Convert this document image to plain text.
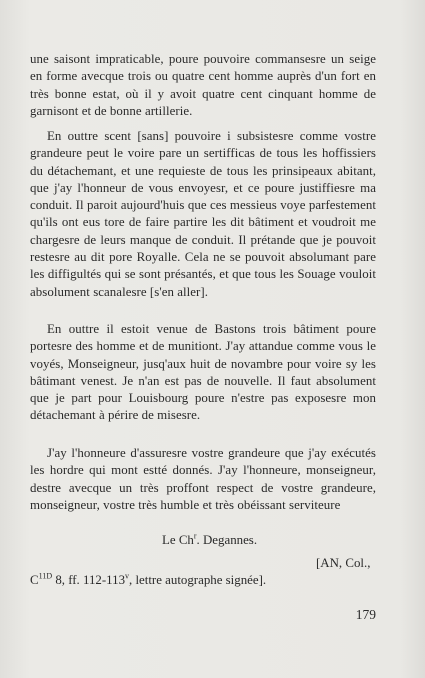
une saisont impraticable, poure pouvoire commansesre un seige en forme avecque trois ou quatre cent homme auprès d'un fort en très bonne estat, où il y avoit quatre cent cinquant homme de garnisont et de bonne artillerie.

En outtre scent [sans] pouvoire i subsistesre comme vostre grandeure peut le voire pare un sertifficas de tous les hoffissiers du détachemant, et une requieste de tous les prinsipeaux abitant, que j'ay l'honneur de vous envoyesr, et ce poure justiffiesre ma conduit. Il paroit aujourd'huis que ces messieus voye parfestement qu'ils ont eus tore de faire partire les dit bâtiment et voudroit me chargesre de leurs manque de conduit. Il prétande que je pouvoit restesre au dit pore Royalle. Cela ne se pouvoit absolumant pare les diffigultés qui se sont présantés, et que tous les Souage vouloit absolument scanalesre [s'en aller].

En outtre il estoit venue de Bastons trois bâtiment poure portesre des homme et de munitiont. J'ay attandue comme vous le voyés, Monseigneur, jusq'aux huit de novambre pour voire sy les bâtimant venest. Je n'an est pas de nouvelle. Il faut absolument que je part pour Louisbourg poure n'estre pas exposesre mon détachemant à périre de misesre.

J'ay l'honneure d'assuresre vostre grandeure que j'ay exécutés les hordre qui mont estté donnés. J'ay l'honneure, monseigneur, destre avecque un très proffont respect de vostre grandeure, monseigneur, vostre très humble et très obéissant serviteure

Le Ch$^r$. Degannes.
[AN, Col., $C^{11D}$ 8, ff. 112-113$^v$, lettre autographe signée].
179
